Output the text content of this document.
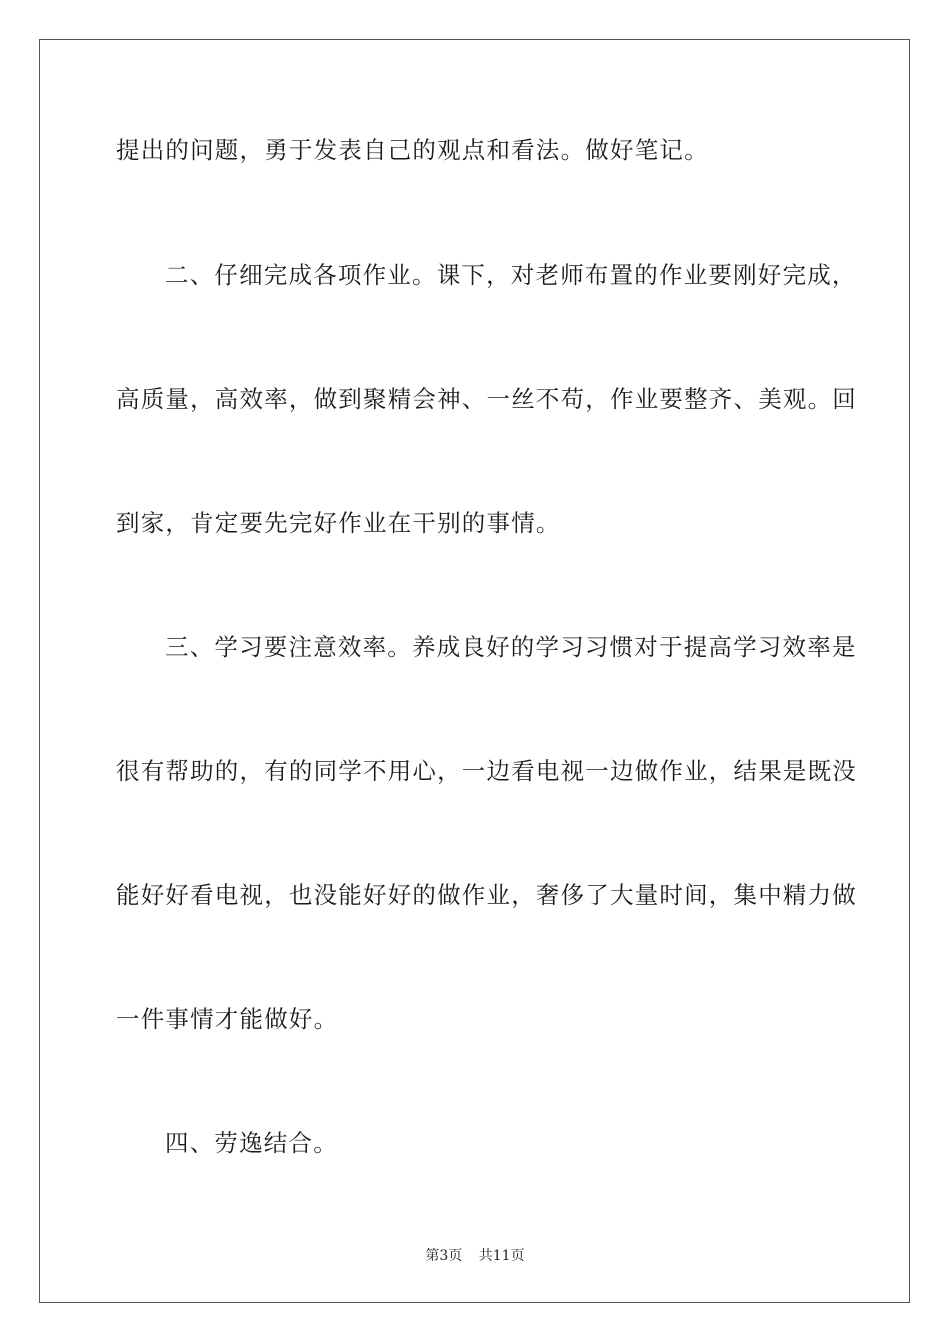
提出的问题，勇于发表自己的观点和看法。做好笔记。
二、仔细完成各项作业。课下，对老师布置的作业要刚好完成，
高质量，高效率，做到聚精会神、一丝不苟，作业要整齐、美观。回
到家，肯定要先完好作业在干别的事情。
三、学习要注意效率。养成良好的学习习惯对于提高学习效率是
很有帮助的，有的同学不用心，一边看电视一边做作业，结果是既没
能好好看电视，也没能好好的做作业，奢侈了大量时间，集中精力做
一件事情才能做好。
四、劳逸结合。
第3页 共11页
